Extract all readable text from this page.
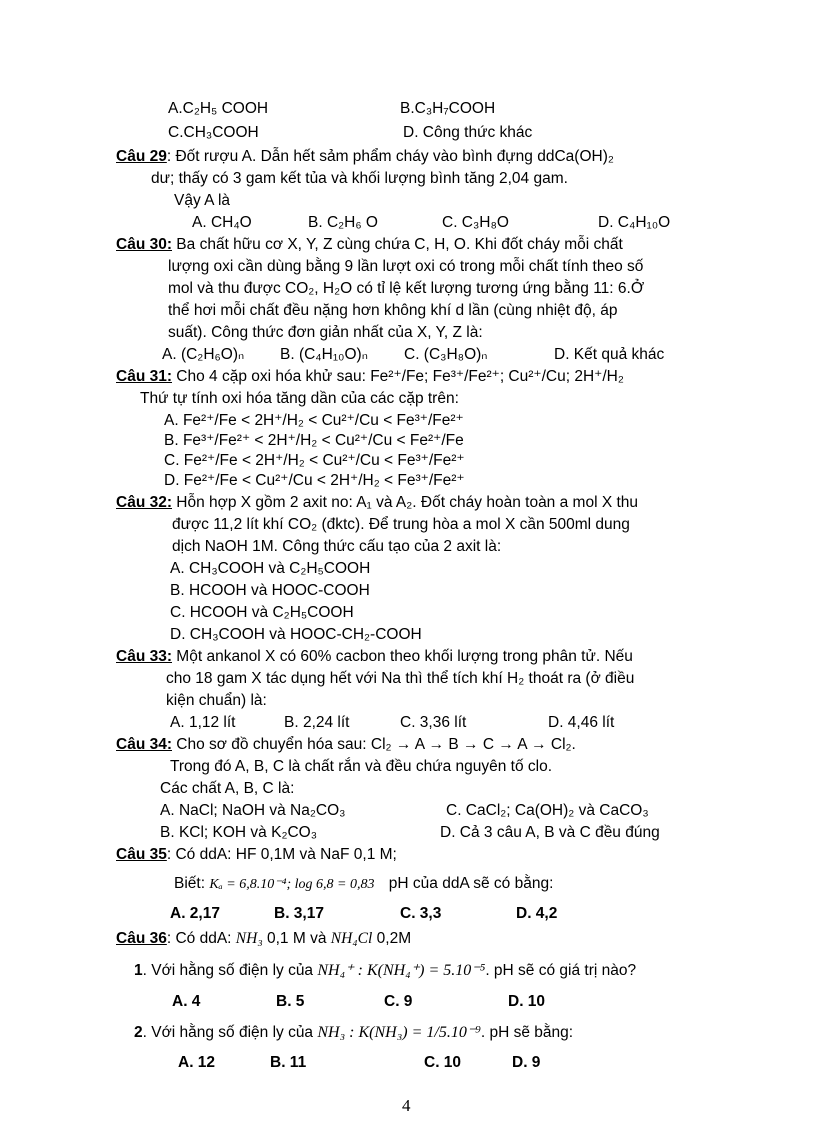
A.C₂H₅ COOH	B.C₃H₇COOH
C.CH₃COOH	D. Công thức khác
Câu 29: Đốt rượu A. Dẫn hết sảm phẩm cháy vào bình đựng ddCa(OH)₂
dư; thấy có 3 gam kết tủa và khối lượng bình tăng 2,04 gam.
Vậy A là
A. CH₄O	B. C₂H₆ O	C. C₃H₈O	D. C₄H₁₀O
Câu 30: Ba chất hữu cơ X, Y, Z cùng chứa C, H, O. Khi đốt cháy mỗi chất
lượng oxi cần dùng bằng 9 lần lượt oxi có trong mỗi chất tính theo số
mol và thu được CO₂, H₂O có tỉ lệ kết lượng tương ứng bằng 11: 6.Ở
thể hơi mỗi chất đều nặng hơn không khí d lần (cùng nhiệt độ, áp
suất). Công thức đơn giản nhất của X, Y, Z là:
A. (C₂H₆O)ₙ B. (C₄H₁₀O)ₙ C. (C₃H₈O)ₙ	D. Kết quả khác
Câu 31: Cho 4 cặp oxi hóa khử sau: Fe²⁺/Fe; Fe³⁺/Fe²⁺; Cu²⁺/Cu; 2H⁺/H₂
Thứ tự tính oxi hóa tăng dần của các cặp trên:
A. Fe²⁺/Fe < 2H⁺/H₂ < Cu²⁺/Cu < Fe³⁺/Fe²⁺
B. Fe³⁺/Fe²⁺ < 2H⁺/H₂ < Cu²⁺/Cu < Fe²⁺/Fe
C. Fe²⁺/Fe < 2H⁺/H₂ < Cu²⁺/Cu < Fe³⁺/Fe²⁺
D. Fe²⁺/Fe < Cu²⁺/Cu < 2H⁺/H₂ < Fe³⁺/Fe²⁺
Câu 32: Hỗn hợp X gồm 2 axit no: A₁ và A₂. Đốt cháy hoàn toàn a mol X thu
được 11,2 lít khí CO₂ (đktc). Để trung hòa a mol X cần 500ml dung
dịch NaOH 1M. Công thức cấu tạo của 2 axit là:
A. CH₃COOH và C₂H₅COOH
B. HCOOH và HOOC-COOH
C. HCOOH và C₂H₅COOH
D. CH₃COOH và HOOC-CH₂-COOH
Câu 33: Một ankanol X có 60% cacbon theo khối lượng trong phân tử. Nếu
cho 18 gam X tác dụng hết với Na thì thể tích khí H₂ thoát ra (ở điều
kiện chuẩn) là:
A. 1,12 lít	B. 2,24 lít	C. 3,36 lít	D. 4,46 lít
Câu 34: Cho sơ đồ chuyển hóa sau: Cl₂ → A → B → C → A → Cl₂.
Trong đó A, B, C là chất rắn và đều chứa nguyên tố clo.
Các chất A, B, C là:
A. NaCl; NaOH và Na₂CO₃
B. KCl; KOH và K₂CO₃
C. CaCl₂; Ca(OH)₂ và CaCO₃
D. Cả 3 câu A, B và C đều đúng
Câu 35: Có ddA: HF 0,1M và NaF 0,1 M;
Biết: Kₐ = 6,8.10⁻⁴; log 6,8 = 0,83 pH của ddA sẽ có bằng:
A. 2,17	B. 3,17	C. 3,3	D. 4,2
Câu 36: Có ddA: NH₃ 0,1 M và NH₄Cl 0,2M
1. Với hằng số điện ly của NH₄⁺ : K(NH₄⁺) = 5.10⁻⁵. pH sẽ có giá trị nào?
A. 4	B. 5	C. 9	D. 10
2. Với hằng số điện ly của NH₃ : K(NH₃) = 1/5.10⁻⁹. pH sẽ bằng:
A. 12	B. 11	C. 10	D. 9
4
